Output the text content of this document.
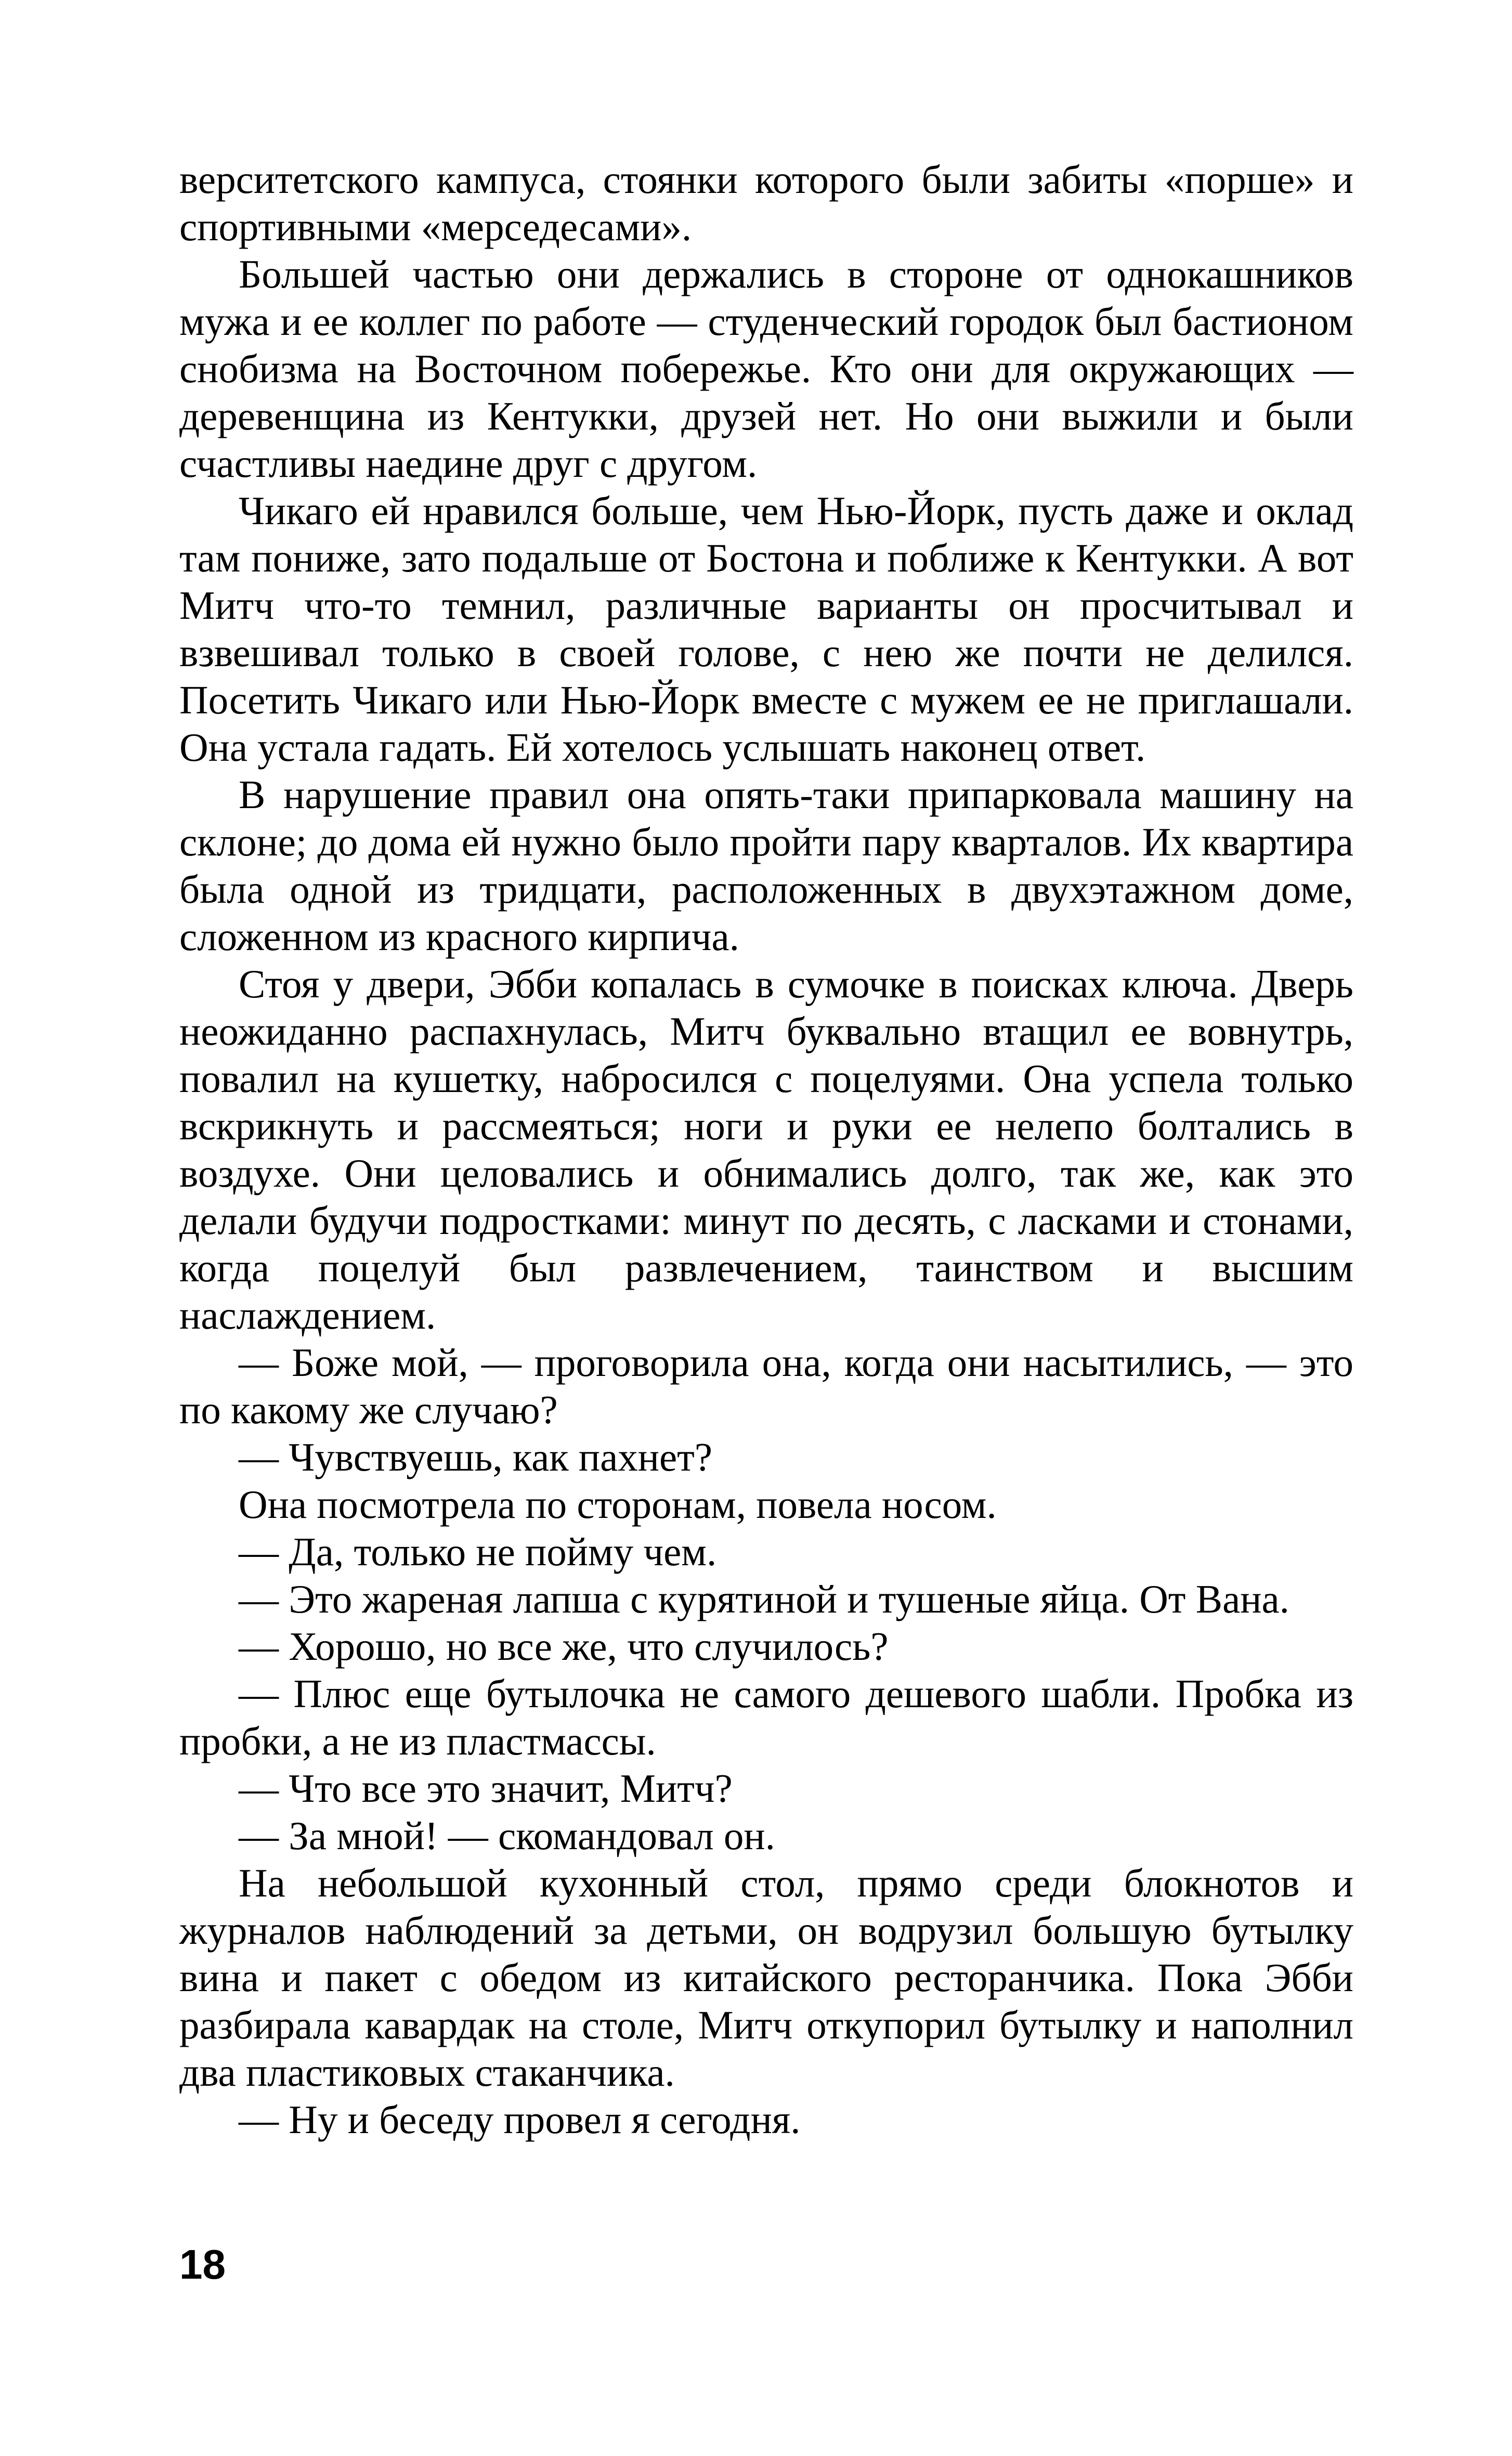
верситетского кампуса, стоянки которого были забиты «порше» и спортивными «мерседесами».

Большей частью они держались в стороне от однокашников мужа и ее коллег по работе — студенческий городок был бастионом снобизма на Восточном побережье. Кто они для окружающих — деревенщина из Кентукки, друзей нет. Но они выжили и были счастливы наедине друг с другом.

Чикаго ей нравился больше, чем Нью-Йорк, пусть даже и оклад там пониже, зато подальше от Бостона и поближе к Кентукки. А вот Митч что-то темнил, различные варианты он просчитывал и взвешивал только в своей голове, с нею же почти не делился. Посетить Чикаго или Нью-Йорк вместе с мужем ее не приглашали. Она устала гадать. Ей хотелось услышать наконец ответ.

В нарушение правил она опять-таки припарковала машину на склоне; до дома ей нужно было пройти пару кварталов. Их квартира была одной из тридцати, расположенных в двухэтажном доме, сложенном из красного кирпича.

Стоя у двери, Эбби копалась в сумочке в поисках ключа. Дверь неожиданно распахнулась, Митч буквально втащил ее вовнутрь, повалил на кушетку, набросился с поцелуями. Она успела только вскрикнуть и рассмеяться; ноги и руки ее нелепо болтались в воздухе. Они целовались и обнимались долго, так же, как это делали будучи подростками: минут по десять, с ласками и стонами, когда поцелуй был развлечением, таинством и высшим наслаждением.

— Боже мой, — проговорила она, когда они насытились, — это по какому же случаю?

— Чувствуешь, как пахнет?

Она посмотрела по сторонам, повела носом.

— Да, только не пойму чем.

— Это жареная лапша с курятиной и тушеные яйца. От Вана.

— Хорошо, но все же, что случилось?

— Плюс еще бутылочка не самого дешевого шабли. Пробка из пробки, а не из пластмассы.

— Что все это значит, Митч?

— За мной! — скомандовал он.

На небольшой кухонный стол, прямо среди блокнотов и журналов наблюдений за детьми, он водрузил большую бутылку вина и пакет с обедом из китайского ресторанчика. Пока Эбби разбирала кавардак на столе, Митч откупорил бутылку и наполнил два пластиковых стаканчика.

— Ну и беседу провел я сегодня.

18
